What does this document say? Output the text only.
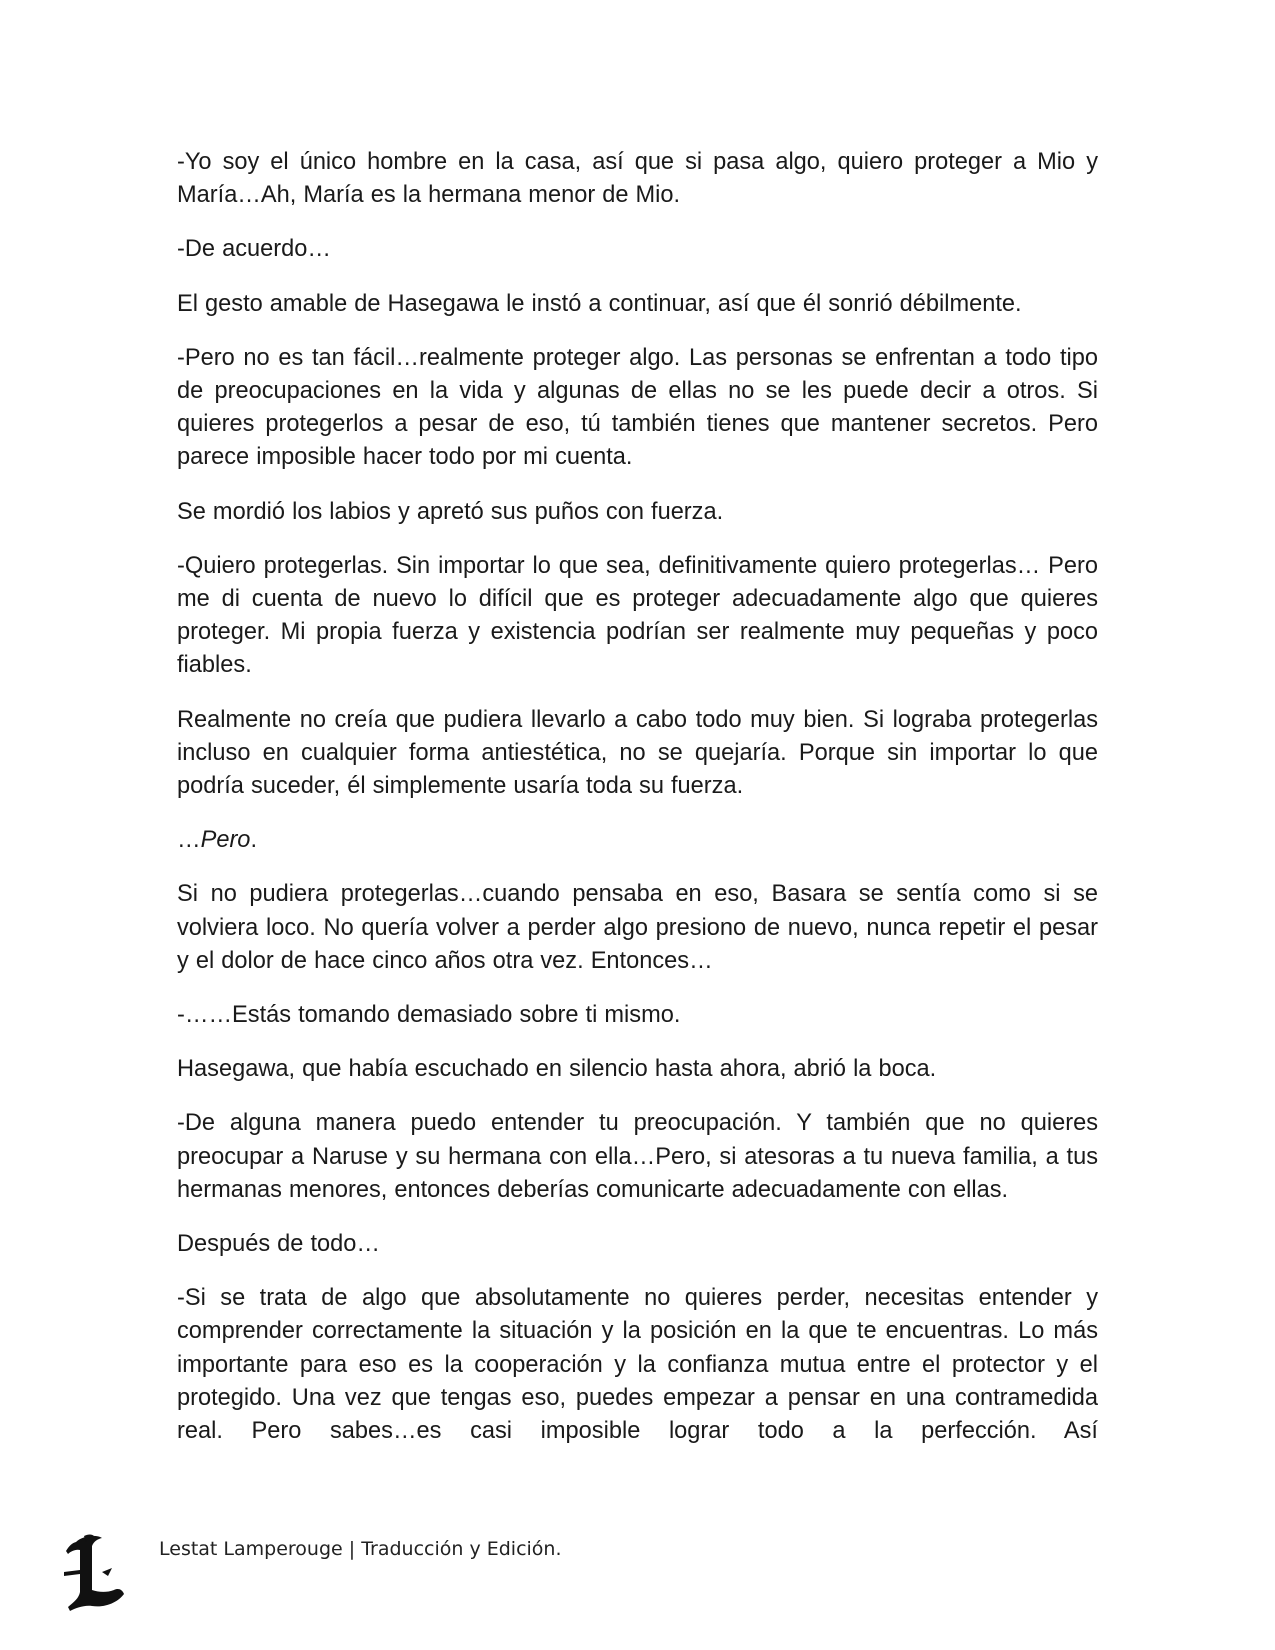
-Yo soy el único hombre en la casa, así que si pasa algo, quiero proteger a Mio y María…Ah, María es la hermana menor de Mio.

-De acuerdo…

El gesto amable de Hasegawa le instó a continuar, así que él sonrió débilmente.

-Pero no es tan fácil…realmente proteger algo. Las personas se enfrentan a todo tipo de preocupaciones en la vida y algunas de ellas no se les puede decir a otros. Si quieres protegerlos a pesar de eso, tú también tienes que mantener secretos. Pero parece imposible hacer todo por mi cuenta.

Se mordió los labios y apretó sus puños con fuerza.

-Quiero protegerlas. Sin importar lo que sea, definitivamente quiero protegerlas… Pero me di cuenta de nuevo lo difícil que es proteger adecuadamente algo que quieres proteger. Mi propia fuerza y existencia podrían ser realmente muy pequeñas y poco fiables.

Realmente no creía que pudiera llevarlo a cabo todo muy bien. Si lograba protegerlas incluso en cualquier forma antiestética, no se quejaría. Porque sin importar lo que podría suceder, él simplemente usaría toda su fuerza.

…Pero.

Si no pudiera protegerlas…cuando pensaba en eso, Basara se sentía como si se volviera loco. No quería volver a perder algo presiono de nuevo, nunca repetir el pesar y el dolor de hace cinco años otra vez. Entonces…

-……Estás tomando demasiado sobre ti mismo.

Hasegawa, que había escuchado en silencio hasta ahora, abrió la boca.

-De alguna manera puedo entender tu preocupación. Y también que no quieres preocupar a Naruse y su hermana con ella…Pero, si atesoras a tu nueva familia, a tus hermanas menores, entonces deberías comunicarte adecuadamente con ellas.

Después de todo…

-Si se trata de algo que absolutamente no quieres perder, necesitas entender y comprender correctamente la situación y la posición en la que te encuentras. Lo más importante para eso es la cooperación y la confianza mutua entre el protector y el protegido. Una vez que tengas eso, puedes empezar a pensar en una contramedida real. Pero sabes…es casi imposible lograr todo a la perfección. Así

Lestat Lamperouge | Traducción y Edición.
